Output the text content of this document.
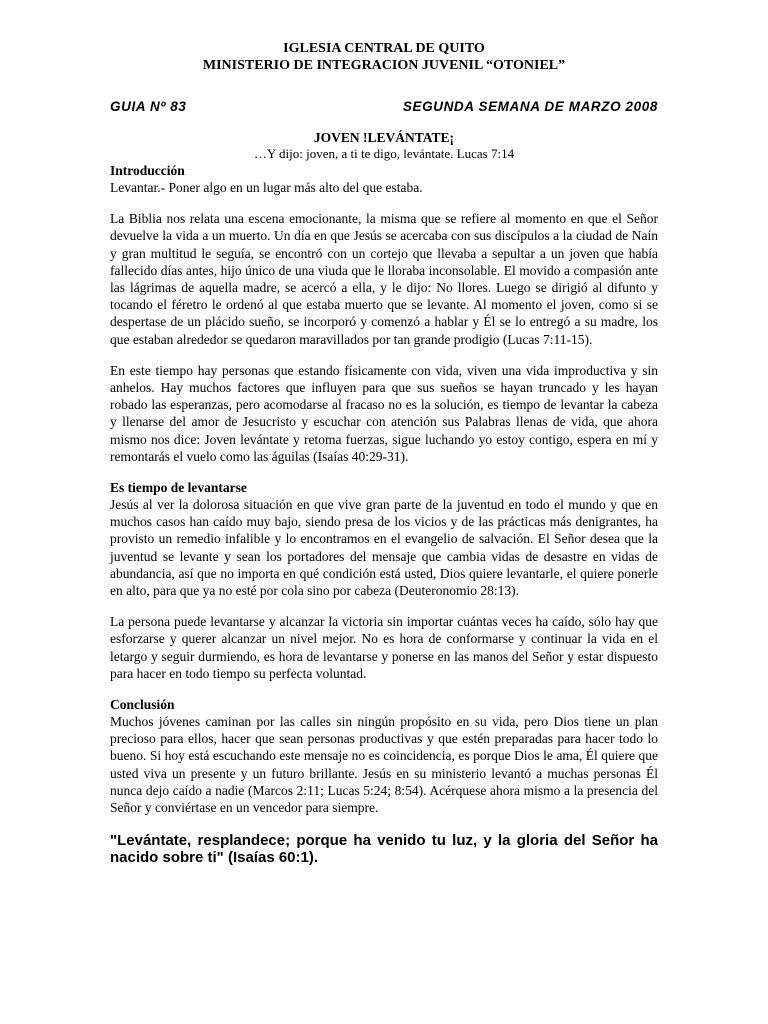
IGLESIA CENTRAL DE QUITO
MINISTERIO DE INTEGRACION JUVENIL “OTONIEL”
GUIA Nº 83	SEGUNDA SEMANA DE MARZO 2008
JOVEN !LEVÁNTATE¡
…Y dijo: joven, a ti te digo, levántate. Lucas 7:14
Introducción

Levantar.- Poner algo en un lugar más alto del que estaba.

La Biblia nos relata una escena emocionante, la misma que se refiere al momento en que el Señor devuelve la vida a un muerto. Un día en que Jesús se acercaba con sus discípulos a la ciudad de Naín y gran multitud le seguía, se encontró con un cortejo que llevaba a sepultar a un joven que había fallecido días antes, hijo único de una viuda que le lloraba inconsolable. El movido a compasión ante las lágrimas de aquella madre, se acercó a ella, y le dijo: No llores. Luego se dirigió al difunto y tocando el féretro le ordenó al que estaba muerto que se levante. Al momento el joven, como si se despertase de un plácido sueño, se incorporó y comenzó a hablar y Él se lo entregó a su madre, los que estaban alrededor se quedaron maravillados por tan grande prodigio (Lucas 7:11-15).

En este tiempo hay personas que estando físicamente con vida, viven una vida improductiva y sin anhelos. Hay muchos factores que influyen para que sus sueños se hayan truncado y les hayan robado las esperanzas, pero acomodarse al fracaso no es la solución, es tiempo de levantar la cabeza y llenarse del amor de Jesucristo y escuchar con atención sus Palabras llenas de vida, que ahora mismo nos dice: Joven levántate y retoma fuerzas, sigue luchando yo estoy contigo, espera en mí y remontarás el vuelo como las águilas (Isaías 40:29-31).

Es tiempo de levantarse

Jesús al ver la dolorosa situación en que vive gran parte de la juventud en todo el mundo y que en muchos casos han caído muy bajo, siendo presa de los vicios y de las prácticas más denigrantes, ha provisto un remedio infalible y lo encontramos en el evangelio de salvación. El Señor desea que la juventud se levante y sean los portadores del mensaje que cambia vidas de desastre en vidas de abundancia, así que no importa en qué condición está usted, Dios quiere levantarle, el quiere ponerle en alto, para que ya no esté por cola sino por cabeza (Deuteronomio 28:13).

La persona puede levantarse y alcanzar la victoria sin importar cuántas veces ha caído, sólo hay que esforzarse y querer alcanzar un nivel mejor. No es hora de conformarse y continuar la vida en el letargo y seguir durmiendo, es hora de levantarse y ponerse en las manos del Señor y estar dispuesto para hacer en todo tiempo su perfecta voluntad.

Conclusión

Muchos jóvenes caminan por las calles sin ningún propósito en su vida, pero Dios tiene un plan precioso para ellos, hacer que sean personas productivas y que estén preparadas para hacer todo lo bueno. Si hoy está escuchando este mensaje no es coincidencia, es porque Dios le ama, Él quiere que usted viva un presente y un futuro brillante. Jesús en su ministerio levantó a muchas personas Él nunca dejo caído a nadie (Marcos 2:11; Lucas 5:24; 8:54). Acérquese ahora mismo a la presencia del Señor y conviértase en un vencedor para siempre.

"Levántate, resplandece; porque ha venido tu luz, y la gloria del Señor ha nacido sobre ti" (Isaías 60:1).
